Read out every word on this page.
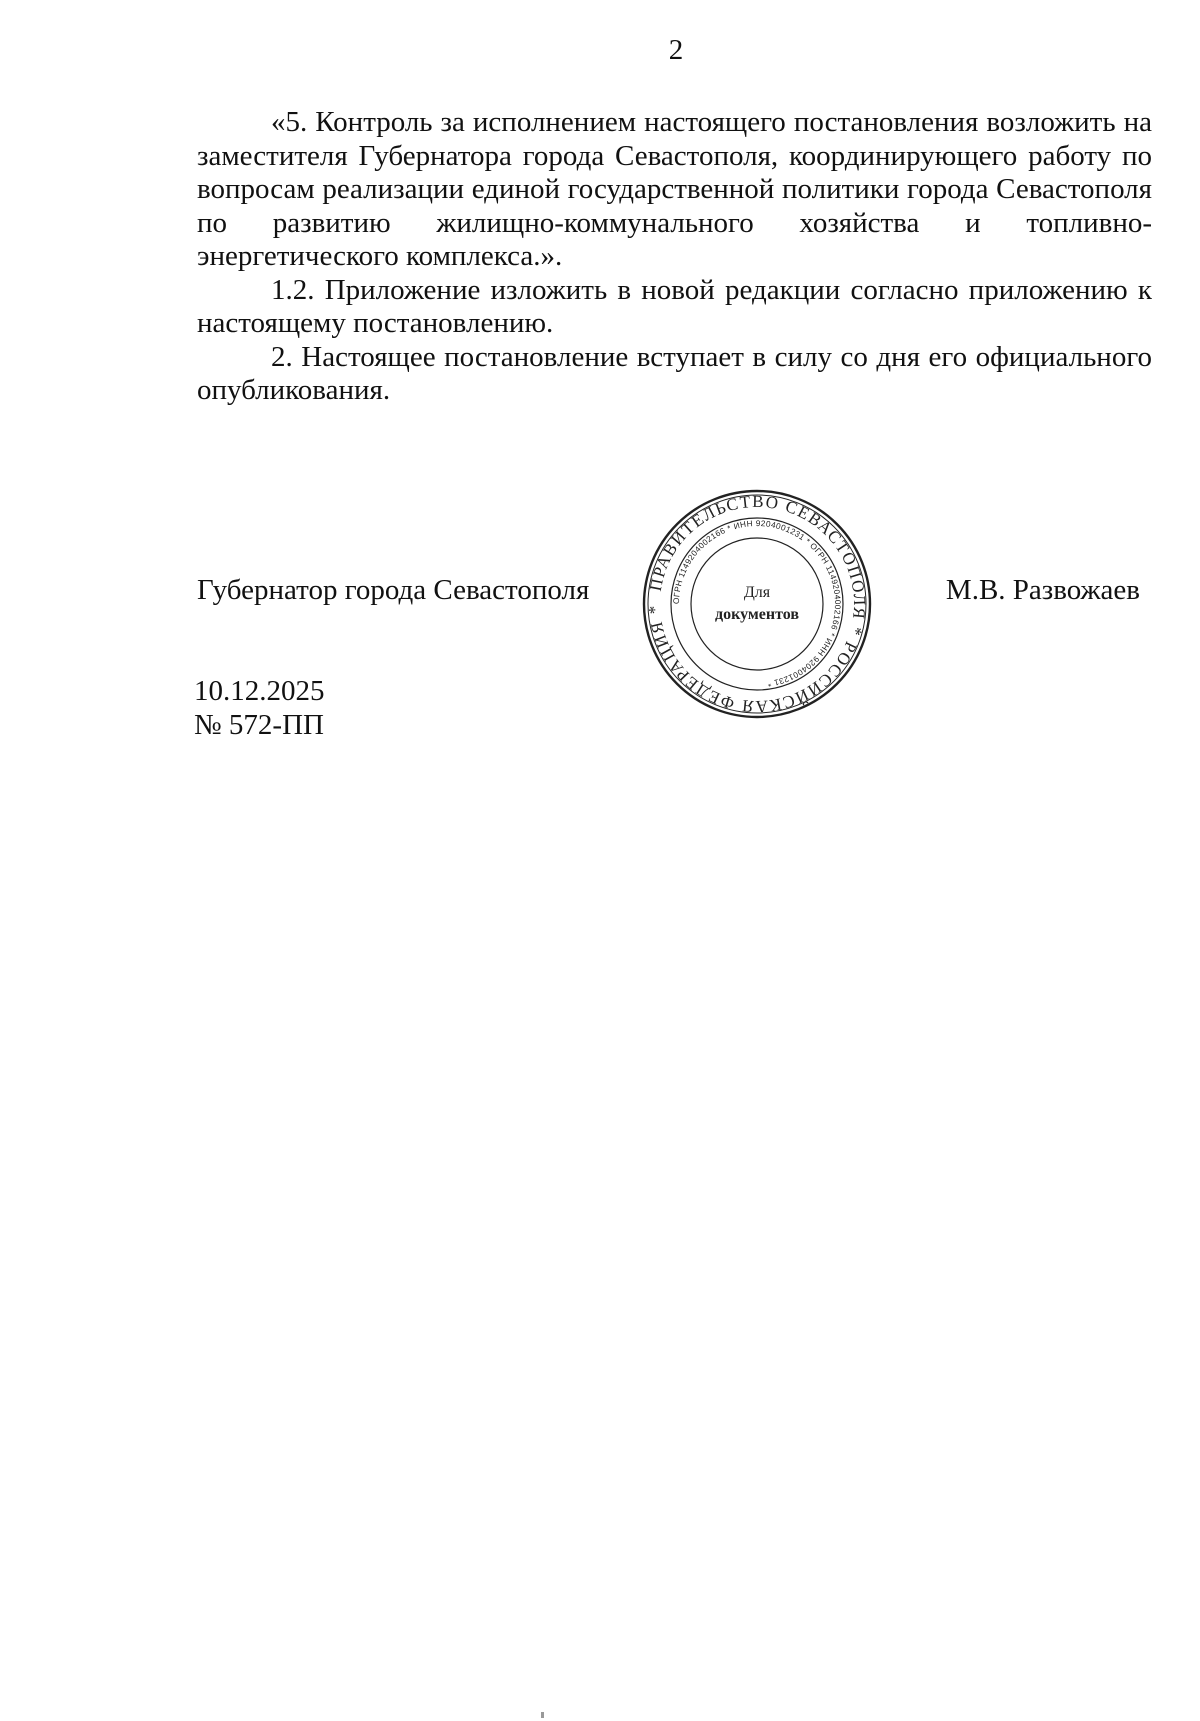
2

«5. Контроль за исполнением настоящего постановления возложить на заместителя Губернатора города Севастополя, координирующего работу по вопросам реализации единой государственной политики города Севастополя по развитию жилищно-коммунального хозяйства и топливно-энергетического комплекса.».

1.2. Приложение изложить в новой редакции согласно приложению к настоящему постановлению.

2. Настоящее постановление вступает в силу со дня его официального опубликования.

Губернатор города Севастополя	М.В. Развожаев
ПРАВИТЕЛЬСТВО СЕВАСТОПОЛЯ * РОССИЙСКАЯ ФЕДЕРАЦИЯ *
ОГРН 1149204002166 * ИНН 9204001231 * ОГРН 1149204002166 * ИНН 9204001231 *
Для
документов
10.12.2025
№ 572-ПП
